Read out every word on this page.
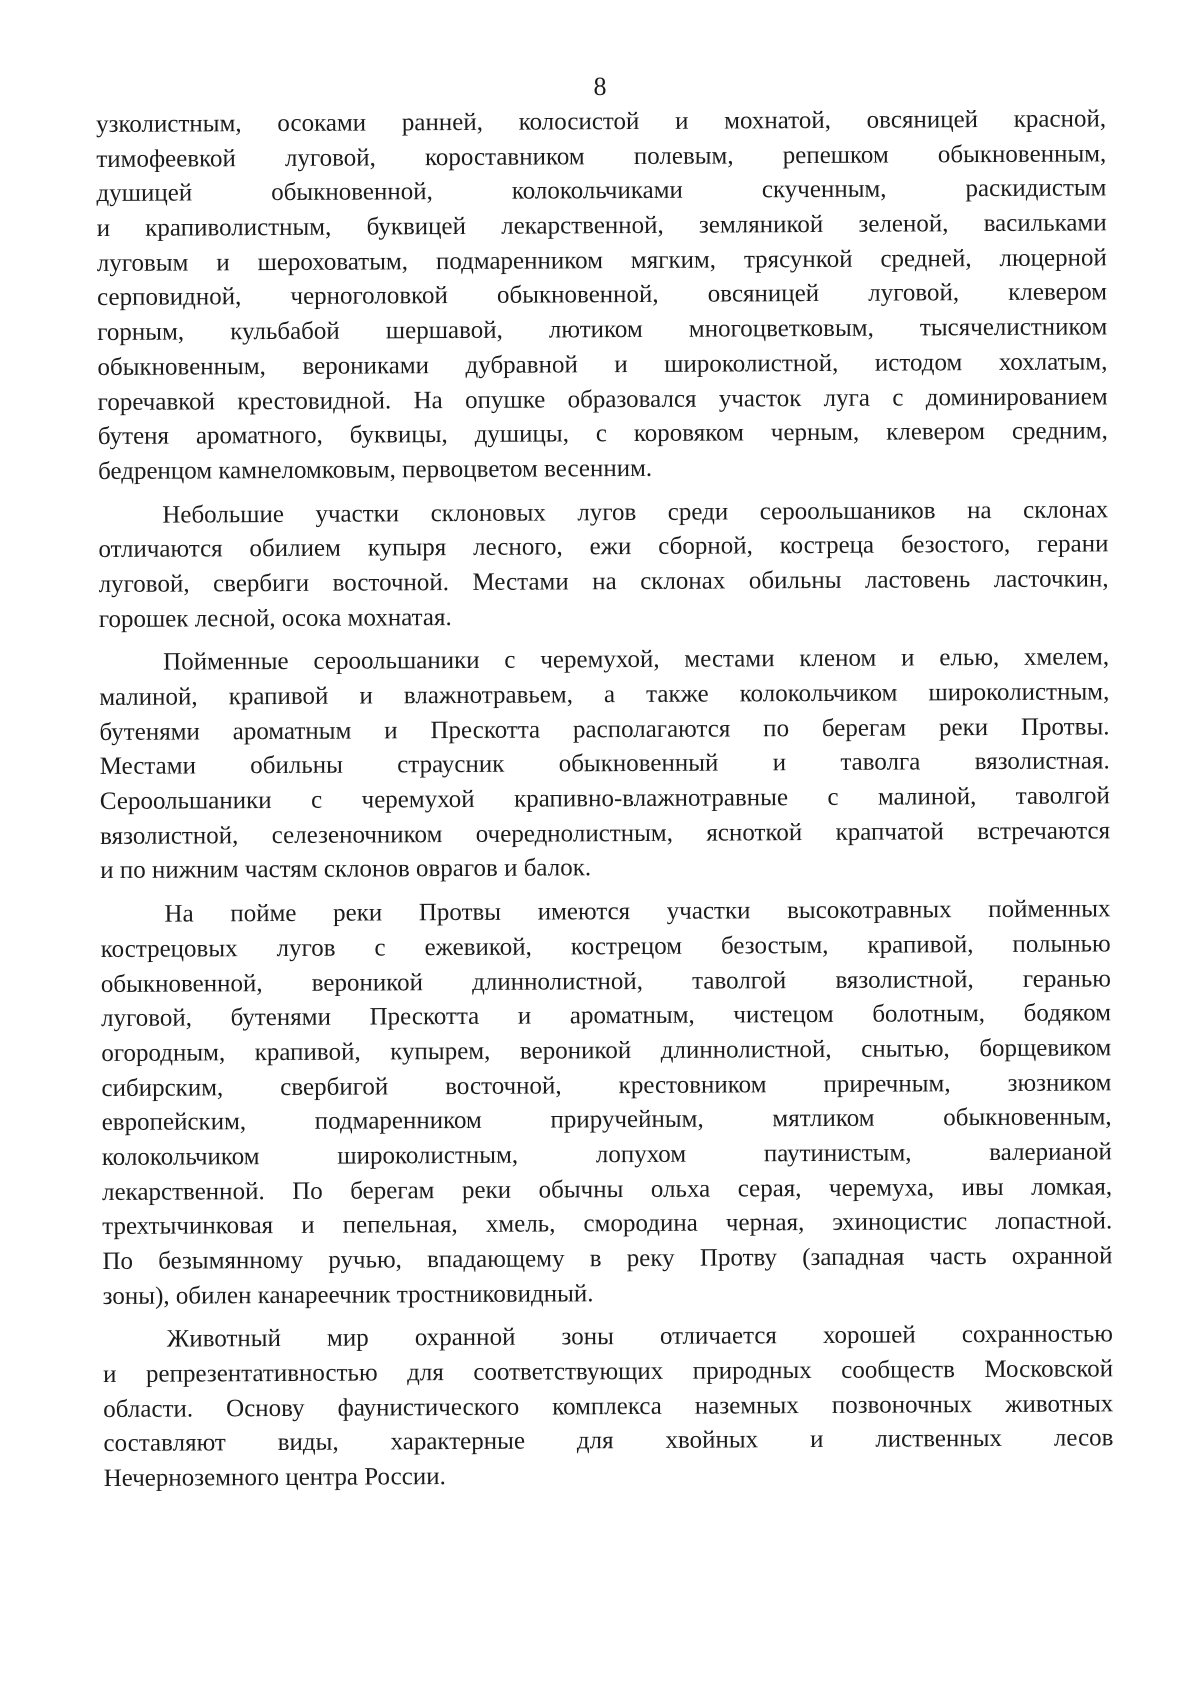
8
узколистным, осоками ранней, колосистой и мохнатой, овсяницей красной,
тимофеевкой луговой, короставником полевым, репешком обыкновенным,
душицей обыкновенной, колокольчиками скученным, раскидистым
и крапиволистным, буквицей лекарственной, земляникой зеленой, васильками
луговым и шероховатым, подмаренником мягким, трясункой средней, люцерной
серповидной, черноголовкой обыкновенной, овсяницей луговой, клевером
горным, кульбабой шершавой, лютиком многоцветковым, тысячелистником
обыкновенным, верониками дубравной и широколистной, истодом хохлатым,
горечавкой крестовидной. На опушке образовался участок луга с доминированием
бутеня ароматного, буквицы, душицы, с коровяком черным, клевером средним,
бедренцом камнеломковым, первоцветом весенним.
Небольшие участки склоновых лугов среди сероольшаников на склонах
отличаются обилием купыря лесного, ежи сборной, костреца безостого, герани
луговой, свербиги восточной. Местами на склонах обильны ластовень ласточкин,
горошек лесной, осока мохнатая.
Пойменные сероольшаники с черемухой, местами кленом и елью, хмелем,
малиной, крапивой и влажнотравьем, а также колокольчиком широколистным,
бутенями ароматным и Прескотта располагаются по берегам реки Протвы.
Местами обильны страусник обыкновенный и таволга вязолистная.
Сероольшаники с черемухой крапивно-влажнотравные с малиной, таволгой
вязолистной, селезеночником очереднолистным, ясноткой крапчатой встречаются
и по нижним частям склонов оврагов и балок.
На пойме реки Протвы имеются участки высокотравных пойменных
кострецовых лугов с ежевикой, кострецом безостым, крапивой, полынью
обыкновенной, вероникой длиннолистной, таволгой вязолистной, геранью
луговой, бутенями Прескотта и ароматным, чистецом болотным, бодяком
огородным, крапивой, купырем, вероникой длиннолистной, снытью, борщевиком
сибирским, свербигой восточной, крестовником приречным, зюзником
европейским, подмаренником приручейным, мятликом обыкновенным,
колокольчиком широколистным, лопухом паутинистым, валерианой
лекарственной. По берегам реки обычны ольха серая, черемуха, ивы ломкая,
трехтычинковая и пепельная, хмель, смородина черная, эхиноцистис лопастной.
По безымянному ручью, впадающему в реку Протву (западная часть охранной
зоны), обилен канареечник тростниковидный.
Животный мир охранной зоны отличается хорошей сохранностью
и репрезентативностью для соответствующих природных сообществ Московской
области. Основу фаунистического комплекса наземных позвоночных животных
составляют виды, характерные для хвойных и лиственных лесов
Нечерноземного центра России.
